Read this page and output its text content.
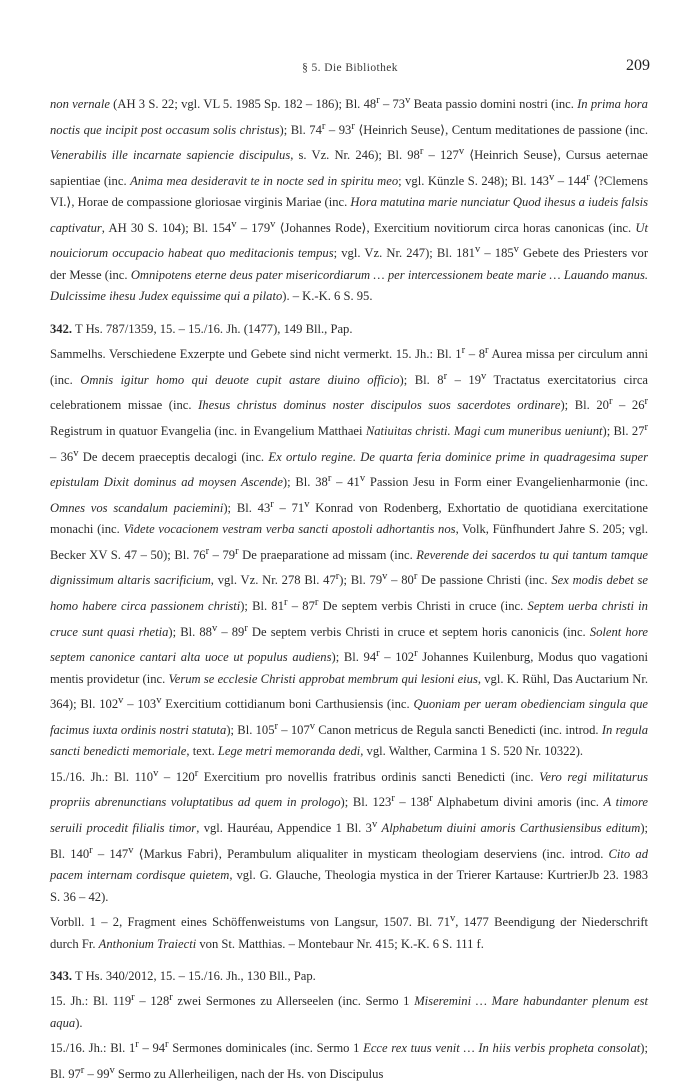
§ 5. Die Bibliothek	209

non vernale (AH 3 S. 22; vgl. VL 5. 1985 Sp. 182 – 186); Bl. 48$^r$ – 73$^v$ Beata passio domini nostri (inc. In prima hora noctis que incipit post occasum solis christus); Bl. 74$^r$ – 93$^r$ ⟨Heinrich Seuse⟩, Centum meditationes de passione (inc. Venerabilis ille incarnate sapiencie discipulus, s. Vz. Nr. 246); Bl. 98$^r$ – 127$^v$ ⟨Heinrich Seuse⟩, Cursus aeternae sapientiae (inc. Anima mea desideravit te in nocte sed in spiritu meo; vgl. Künzle S. 248); Bl. 143$^v$ – 144$^r$ ⟨?Clemens VI.⟩, Horae de compassione gloriosae virginis Mariae (inc. Hora matutina marie nunciatur Quod ihesus a iudeis falsis captivatur, AH 30 S. 104); Bl. 154$^v$ – 179$^v$ ⟨Johannes Rode⟩, Exercitium novitiorum circa horas canonicas (inc. Ut nouiciorum occupacio habeat quo meditacionis tempus; vgl. Vz. Nr. 247); Bl. 181$^v$ – 185$^v$ Gebete des Priesters vor der Messe (inc. Omnipotens eterne deus pater misericordiarum … per intercessionem beate marie … Lauando manus. Dulcissime ihesu Judex equissime qui a pilato). – K.-K. 6 S. 95.

342. T Hs. 787/1359, 15. – 15./16. Jh. (1477), 149 Bll., Pap.

Sammelhs. Verschiedene Exzerpte und Gebete sind nicht vermerkt. 15. Jh.: Bl. 1$^r$ – 8$^r$ Aurea missa per circulum anni (inc. Omnis igitur homo qui deuote cupit astare diuino officio); Bl. 8$^r$ – 19$^v$ Tractatus exercitatorius circa celebrationem missae (inc. Ihesus christus dominus noster discipulos suos sacerdotes ordinare); Bl. 20$^r$ – 26$^r$ Registrum in quatuor Evangelia (inc. in Evangelium Matthaei Natiuitas christi. Magi cum muneribus ueniunt); Bl. 27$^r$ – 36$^v$ De decem praeceptis decalogi (inc. Ex ortulo regine. De quarta feria dominice prime in quadragesima super epistulam Dixit dominus ad moysen Ascende); Bl. 38$^r$ – 41$^v$ Passion Jesu in Form einer Evangelienharmonie (inc. Omnes vos scandalum paciemini); Bl. 43$^r$ – 71$^v$ Konrad von Rodenberg, Exhortatio de quotidiana exercitatione monachi (inc. Videte vocacionem vestram verba sancti apostoli adhortantis nos, Volk, Fünfhundert Jahre S. 205; vgl. Becker XV S. 47 – 50); Bl. 76$^r$ – 79$^r$ De praeparatione ad missam (inc. Reverende dei sacerdos tu qui tantum tamque dignissimum altaris sacrificium, vgl. Vz. Nr. 278 Bl. 47$^r$); Bl. 79$^v$ – 80$^r$ De passione Christi (inc. Sex modis debet se homo habere circa passionem christi); Bl. 81$^r$ – 87$^r$ De septem verbis Christi in cruce (inc. Septem uerba christi in cruce sunt quasi rhetia); Bl. 88$^v$ – 89$^r$ De septem verbis Christi in cruce et septem horis canonicis (inc. Solent hore septem canonice cantari alta uoce ut populus audiens); Bl. 94$^r$ – 102$^r$ Johannes Kuilenburg, Modus quo vagationi mentis providetur (inc. Verum se ecclesie Christi approbat membrum qui lesioni eius, vgl. K. Rühl, Das Auctarium Nr. 364); Bl. 102$^v$ – 103$^v$ Exercitium cottidianum boni Carthusiensis (inc. Quoniam per ueram obedienciam singula que facimus iuxta ordinis nostri statuta); Bl. 105$^r$ – 107$^v$ Canon metricus de Regula sancti Benedicti (inc. introd. In regula sancti benedicti memoriale, text. Lege metri memoranda dedi, vgl. Walther, Carmina 1 S. 520 Nr. 10322).

15./16. Jh.: Bl. 110$^v$ – 120$^r$ Exercitium pro novellis fratribus ordinis sancti Benedicti (inc. Vero regi militaturus propriis abrenunctians voluptatibus ad quem in prologo); Bl. 123$^r$ – 138$^r$ Alphabetum divini amoris (inc. A timore seruili procedit filialis timor, vgl. Hauréau, Appendice 1 Bl. 3$^v$ Alphabetum diuini amoris Carthusiensibus editum); Bl. 140$^r$ – 147$^v$ ⟨Markus Fabri⟩, Perambulum aliqualiter in mysticam theologiam deserviens (inc. introd. Cito ad pacem internam cordisque quietem, vgl. G. Glauche, Theologia mystica in der Trierer Kartause: KurtrierJb 23. 1983 S. 36 – 42).

Vorbll. 1 – 2, Fragment eines Schöffenweistums von Langsur, 1507. Bl. 71$^v$, 1477 Beendigung der Niederschrift durch Fr. Anthonium Traiecti von St. Matthias. – Montebaur Nr. 415; K.-K. 6 S. 111 f.

343. T Hs. 340/2012, 15. – 15./16. Jh., 130 Bll., Pap.

15. Jh.: Bl. 119$^r$ – 128$^r$ zwei Sermones zu Allerseelen (inc. Sermo 1 Miseremini … Mare habundanter plenum est aqua).

15./16. Jh.: Bl. 1$^r$ – 94$^r$ Sermones dominicales (inc. Sermo 1 Ecce rex tuus venit … In hiis verbis propheta consolat); Bl. 97$^r$ – 99$^v$ Sermo zu Allerheiligen, nach der Hs. von Discipulus
